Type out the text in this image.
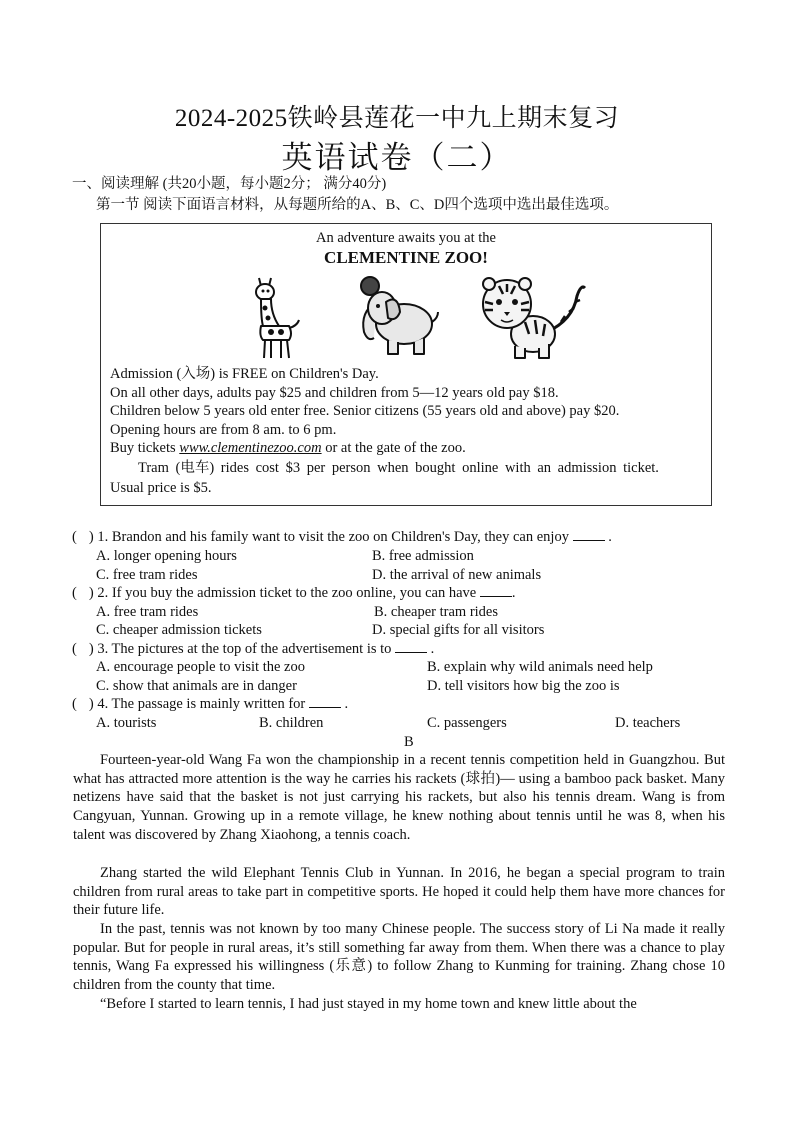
2024-2025铁岭县莲花一中九上期末复习
英语试卷（二）
一、阅读理解 (共20小题，每小题2分； 满分40分)
第一节 阅读下面语言材料，从每题所给的A、B、C、D四个选项中选出最佳选项。
An adventure awaits you at the
CLEMENTINE ZOO!
Admission (入场) is FREE on Children's Day.
On all other days, adults pay $25 and children from 5—12 years old pay $18.
Children below 5 years old enter free. Senior citizens (55 years old and above) pay $20.
Opening hours are from 8 am. to 6 pm.
Buy tickets www.clementinezoo.com or at the gate of the zoo.
Tram (电车) rides cost $3 per person when bought online with an admission ticket.
Usual price is $5.
( ) 1. Brandon and his family want to visit the zoo on Children's Day, they can enjoy	.
A. longer opening hours	B. free admission
C. free tram rides	D. the arrival of new animals
( ) 2. If you buy the admission ticket to the zoo online, you can have .
A. free tram rides	B. cheaper tram rides
C. cheaper admission tickets	D. special gifts for all visitors
( ) 3. The pictures at the top of the advertisement is to	.
A. encourage people to visit the zoo	B. explain why wild animals need help
C. show that animals are in danger	D. tell visitors how big the zoo is
( ) 4. The passage is mainly written for	.
A. tourists	B. children	C. passengers	D. teachers
B

Fourteen-year-old Wang Fa won the championship in a recent tennis competition held in Guangzhou. But what has attracted more attention is the way he carries his rackets (球拍)— using a bamboo pack basket. Many netizens have said that the basket is not just carrying his rackets, but also his tennis dream. Wang is from Cangyuan, Yunnan. Growing up in a remote village, he knew nothing about tennis until he was 8, when his talent was discovered by Zhang Xiaohong, a tennis coach.

Zhang started the wild Elephant Tennis Club in Yunnan. In 2016, he began a special program to train children from rural areas to take part in competitive sports. He hoped it could help them have more chances for their future life.

In the past, tennis was not known by too many Chinese people. The success story of Li Na made it really popular. But for people in rural areas, it’s still something far away from them. When there was a chance to play tennis, Wang Fa expressed his willingness (乐意) to follow Zhang to Kunming for training. Zhang chose 10 children from the county that time.

“Before I started to learn tennis, I had just stayed in my home town and knew little about the
